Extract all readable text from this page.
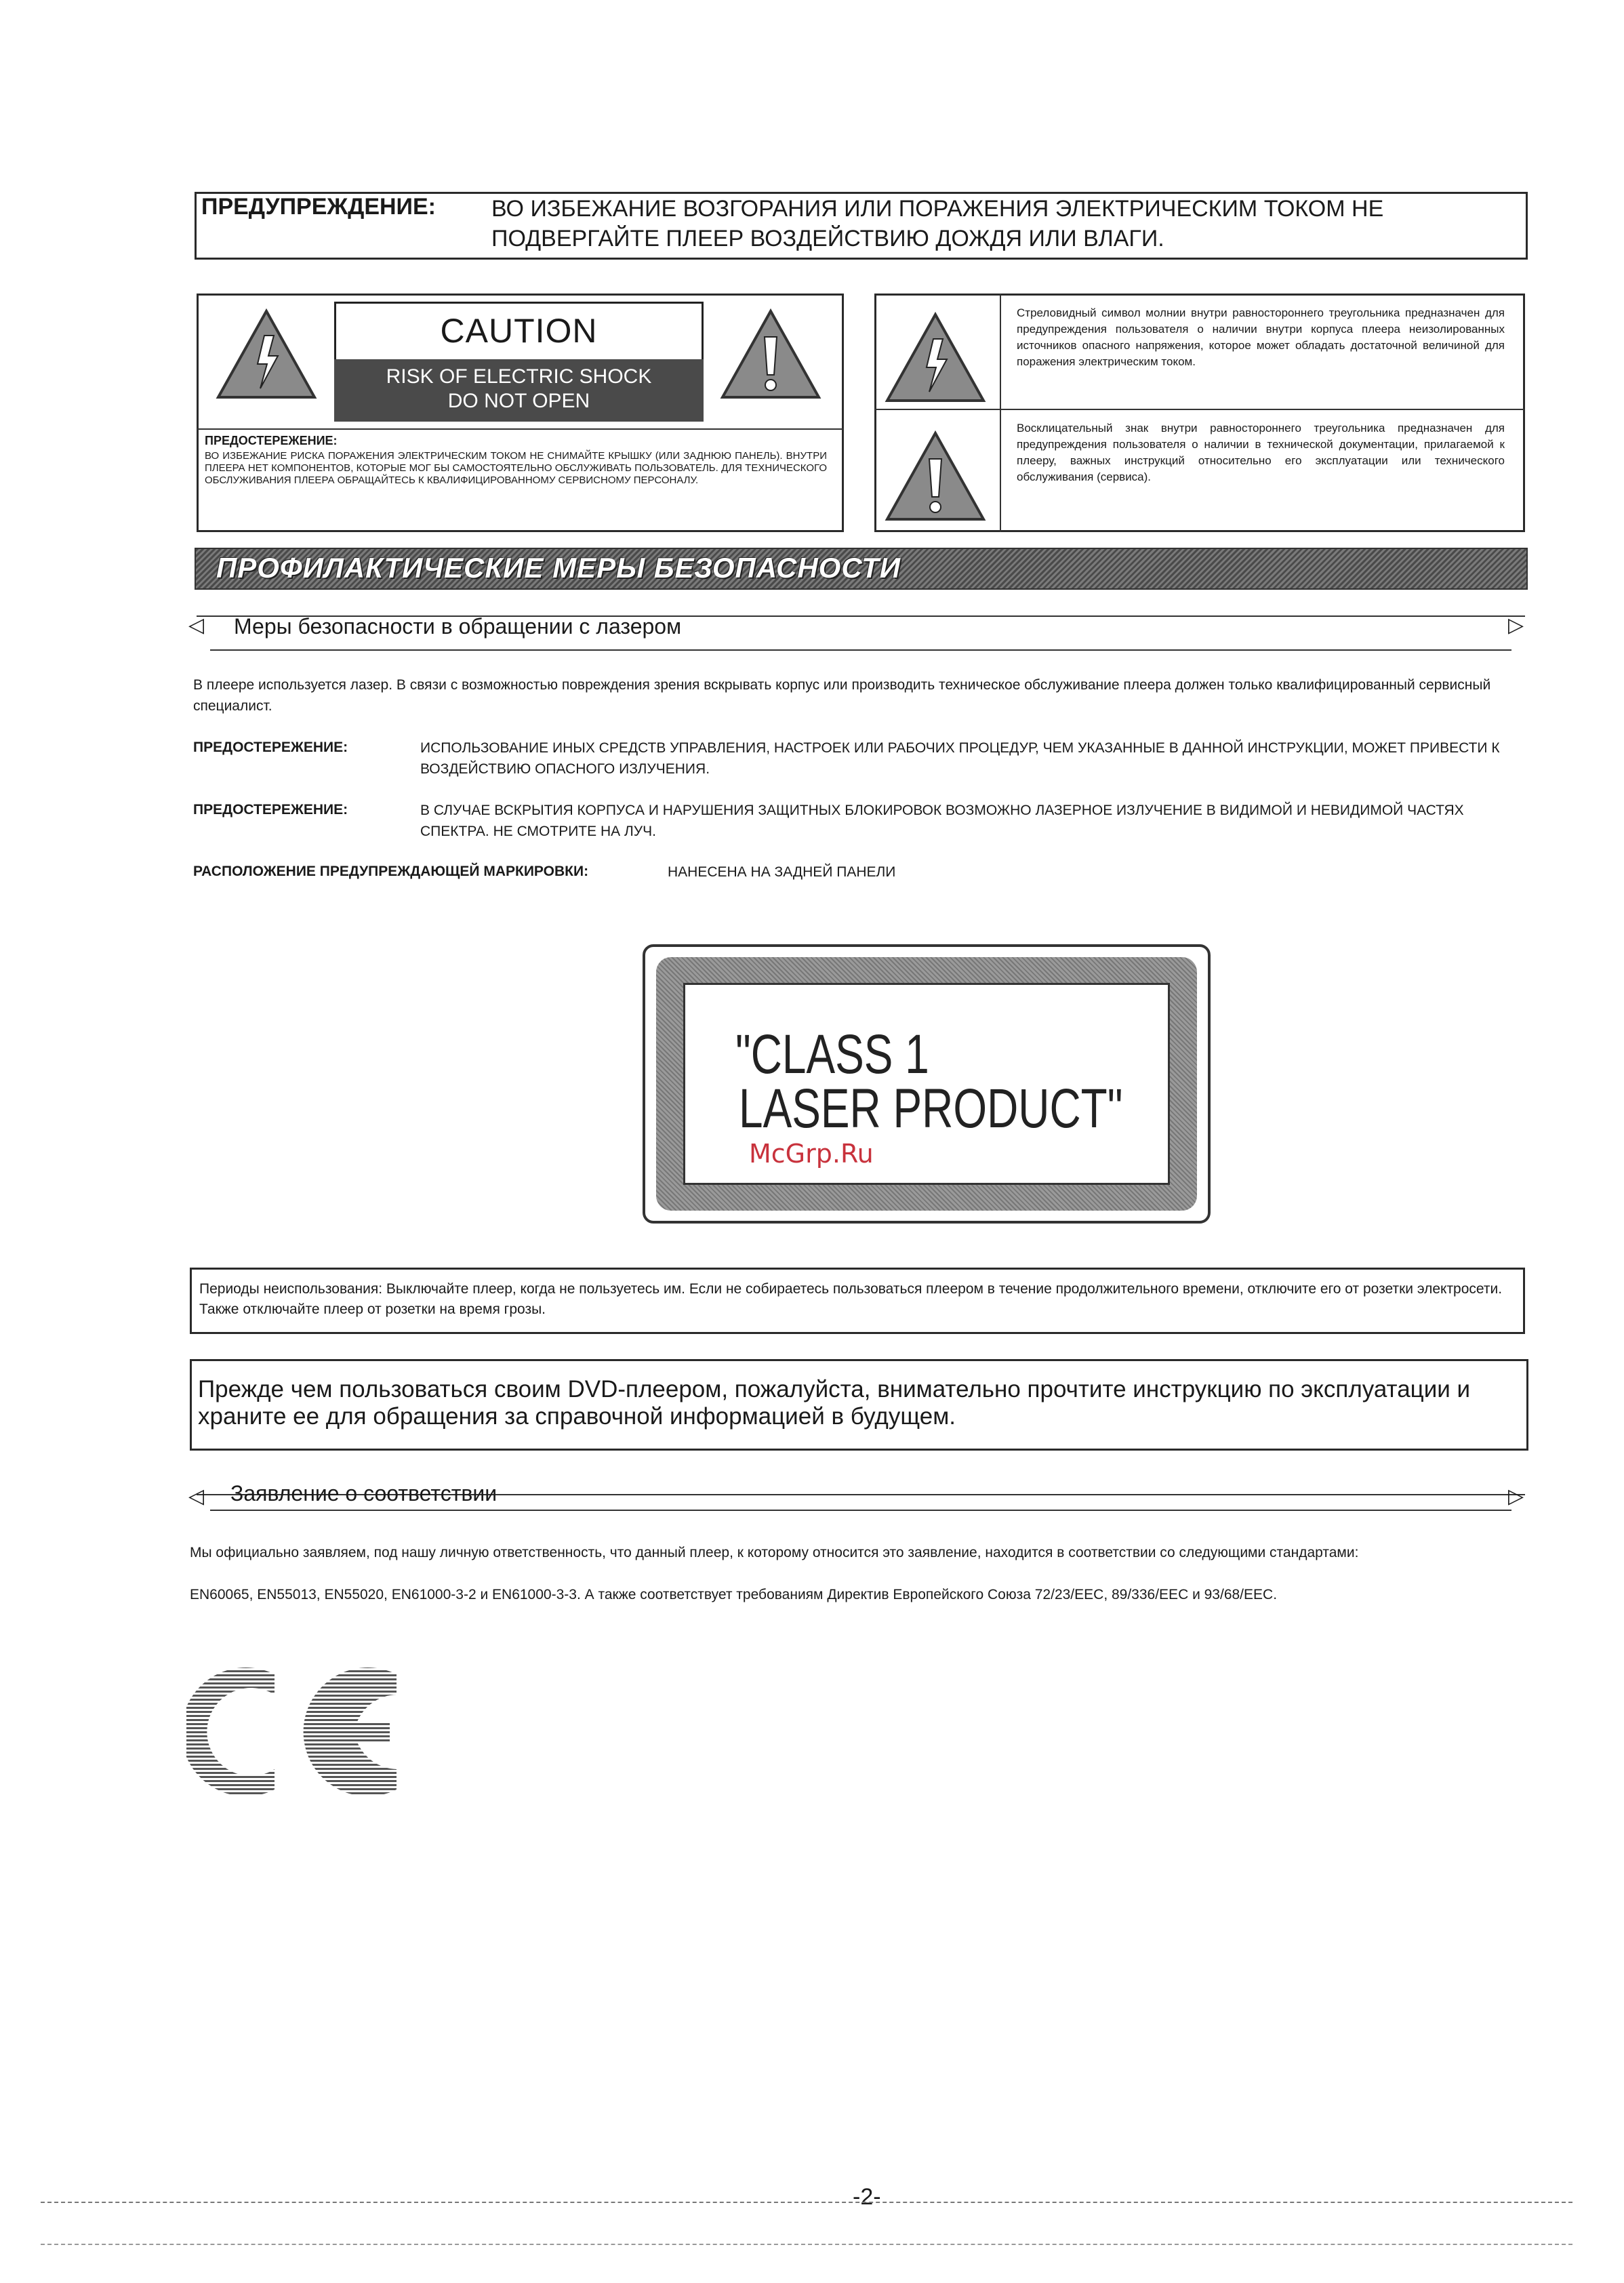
ПРЕДУПРЕЖДЕНИЕ: ВО ИЗБЕЖАНИЕ ВОЗГОРАНИЯ ИЛИ ПОРАЖЕНИЯ ЭЛЕКТРИЧЕСКИМ ТОКОМ НЕ
ПОДВЕРГАЙТЕ ПЛЕЕР ВОЗДЕЙСТВИЮ ДОЖДЯ ИЛИ ВЛАГИ.
CAUTION
RISK OF ELECTRIC SHOCK
DO NOT OPEN
ПРЕДОСТЕРЕЖЕНИЕ:
ВО ИЗБЕЖАНИЕ РИСКА ПОРАЖЕНИЯ ЭЛЕКТРИЧЕСКИМ ТОКОМ НЕ СНИМАЙТЕ КРЫШКУ (ИЛИ ЗАДНЮЮ ПАНЕЛЬ). ВНУТРИ ПЛЕЕРА НЕТ КОМПОНЕНТОВ, КОТОРЫЕ МОГ БЫ САМОСТОЯТЕЛЬНО ОБСЛУЖИВАТЬ ПОЛЬЗОВАТЕЛЬ. ДЛЯ ТЕХНИЧЕСКОГО ОБСЛУЖИВАНИЯ ПЛЕЕРА ОБРАЩАЙТЕСЬ К КВАЛИФИЦИРОВАННОМУ СЕРВИСНОМУ ПЕРСОНАЛУ.
Стреловидный символ молнии внутри равностороннего треугольника предназначен для предупреждения пользователя о наличии внутри корпуса плеера неизолированных источников опасного напряжения, которое может обладать достаточной величиной для поражения электрическим током.
Восклицательный знак внутри равностороннего треугольника предназначен для предупреждения пользователя о наличии в технической документации, прилагаемой к плееру, важных инструкций относительно его эксплуатации или технического обслуживания (сервиса).
ПРОФИЛАКТИЧЕСКИЕ МЕРЫ БЕЗОПАСНОСТИ
◁	▷
Меры безопасности в обращении с лазером
В плеере используется лазер. В связи с возможностью повреждения зрения вскрывать корпус или производить техническое обслуживание плеера должен только квалифицированный сервисный специалист.
ПРЕДОСТЕРЕЖЕНИЕ:	ИСПОЛЬЗОВАНИЕ ИНЫХ СРЕДСТВ УПРАВЛЕНИЯ, НАСТРОЕК ИЛИ РАБОЧИХ ПРОЦЕДУР, ЧЕМ УКАЗАННЫЕ В ДАННОЙ ИНСТРУКЦИИ, МОЖЕТ ПРИВЕСТИ К ВОЗДЕЙСТВИЮ ОПАСНОГО ИЗЛУЧЕНИЯ.
ПРЕДОСТЕРЕЖЕНИЕ:	В СЛУЧАЕ ВСКРЫТИЯ КОРПУСА И НАРУШЕНИЯ ЗАЩИТНЫХ БЛОКИРОВОК ВОЗМОЖНО ЛАЗЕРНОЕ ИЗЛУЧЕНИЕ В ВИДИМОЙ И НЕВИДИМОЙ ЧАСТЯХ СПЕКТРА. НЕ СМОТРИТЕ НА ЛУЧ.
РАСПОЛОЖЕНИЕ ПРЕДУПРЕЖДАЮЩЕЙ МАРКИРОВКИ:	НАНЕСЕНА НА ЗАДНЕЙ ПАНЕЛИ
"CLASS 1
LASER PRODUCT"
McGrp.Ru
Периоды неиспользования: Выключайте плеер, когда не пользуетесь им. Если не собираетесь пользоваться плеером в течение продолжительного времени, отключите его от розетки электросети. Также отключайте плеер от розетки на время грозы.
Прежде чем пользоваться своим DVD-плеером, пожалуйста, внимательно прочтите инструкцию по эксплуатации и храните ее для обращения за справочной информацией в будущем.
◁	▷
Заявление о соответствии
Мы официально заявляем, под нашу личную ответственность, что данный плеер, к которому относится это заявление, находится в соответствии со следующими стандартами:
EN60065, EN55013, EN55020, EN61000-3-2 и EN61000-3-3. А также соответствует требованиям Директив Европейского Союза 72/23/EEC, 89/336/EEC и 93/68/EEC.
-2-
